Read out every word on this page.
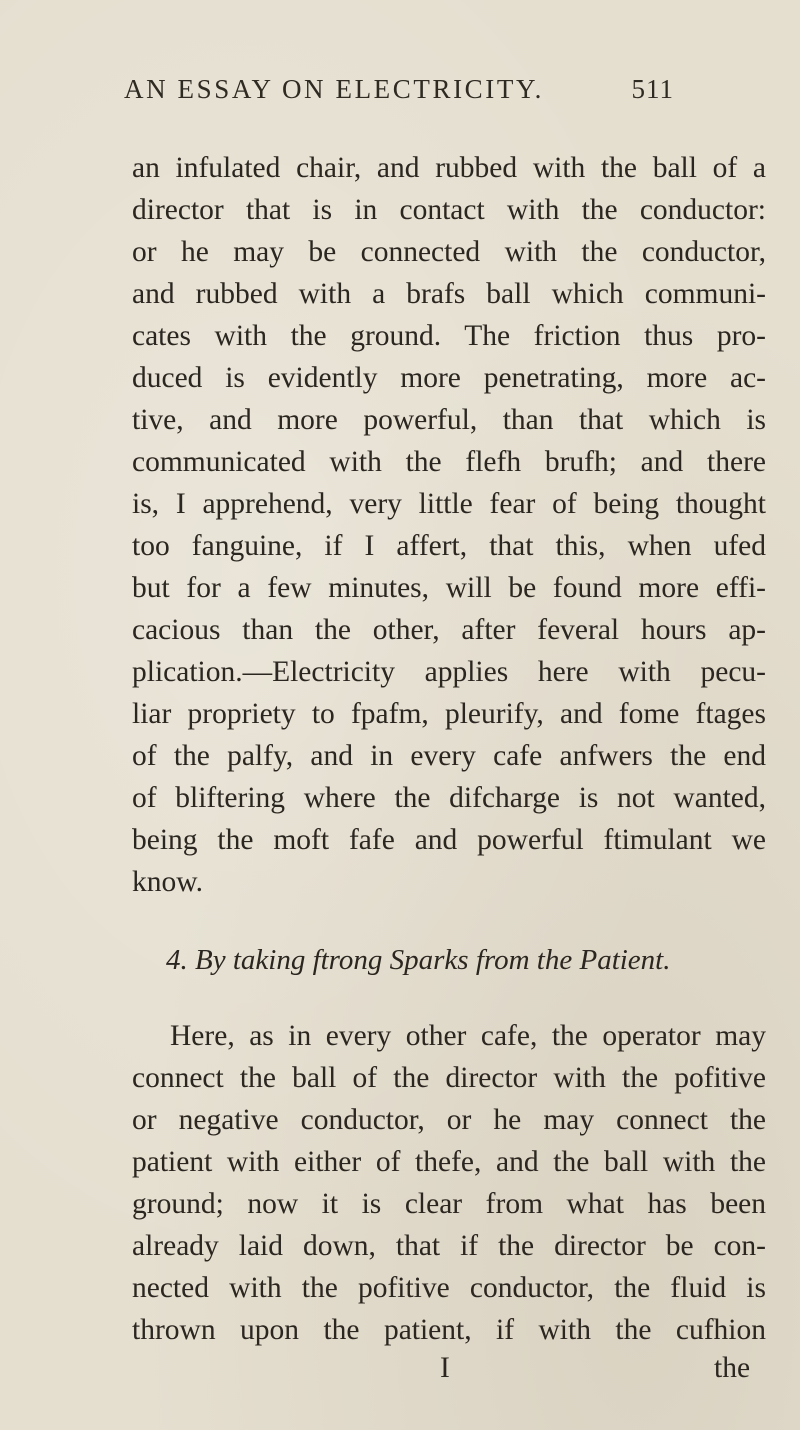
AN ESSAY ON ELECTRICITY.	511
an infulated chair, and rubbed with the ball of a
director that is in contact with the conductor:
or he may be connected with the conductor,
and rubbed with a brafs ball which communi-
cates with the ground. The friction thus pro-
duced is evidently more penetrating, more ac-
tive, and more powerful, than that which is
communicated with the flefh brufh; and there
is, I apprehend, very little fear of being thought
too fanguine, if I affert, that this, when ufed
but for a few minutes, will be found more effi-
cacious than the other, after feveral hours ap-
plication.—Electricity applies here with pecu-
liar propriety to fpafm, pleurify, and fome ftages
of the palfy, and in every cafe anfwers the end
of bliftering where the difcharge is not wanted,
being the moft fafe and powerful ftimulant we
know.
4. By taking ftrong Sparks from the Patient.
Here, as in every other cafe, the operator may
connect the ball of the director with the pofitive
or negative conductor, or he may connect the
patient with either of thefe, and the ball with the
ground; now it is clear from what has been
already laid down, that if the director be con-
nected with the pofitive conductor, the fluid is
thrown upon the patient, if with the cufhion
I	the
